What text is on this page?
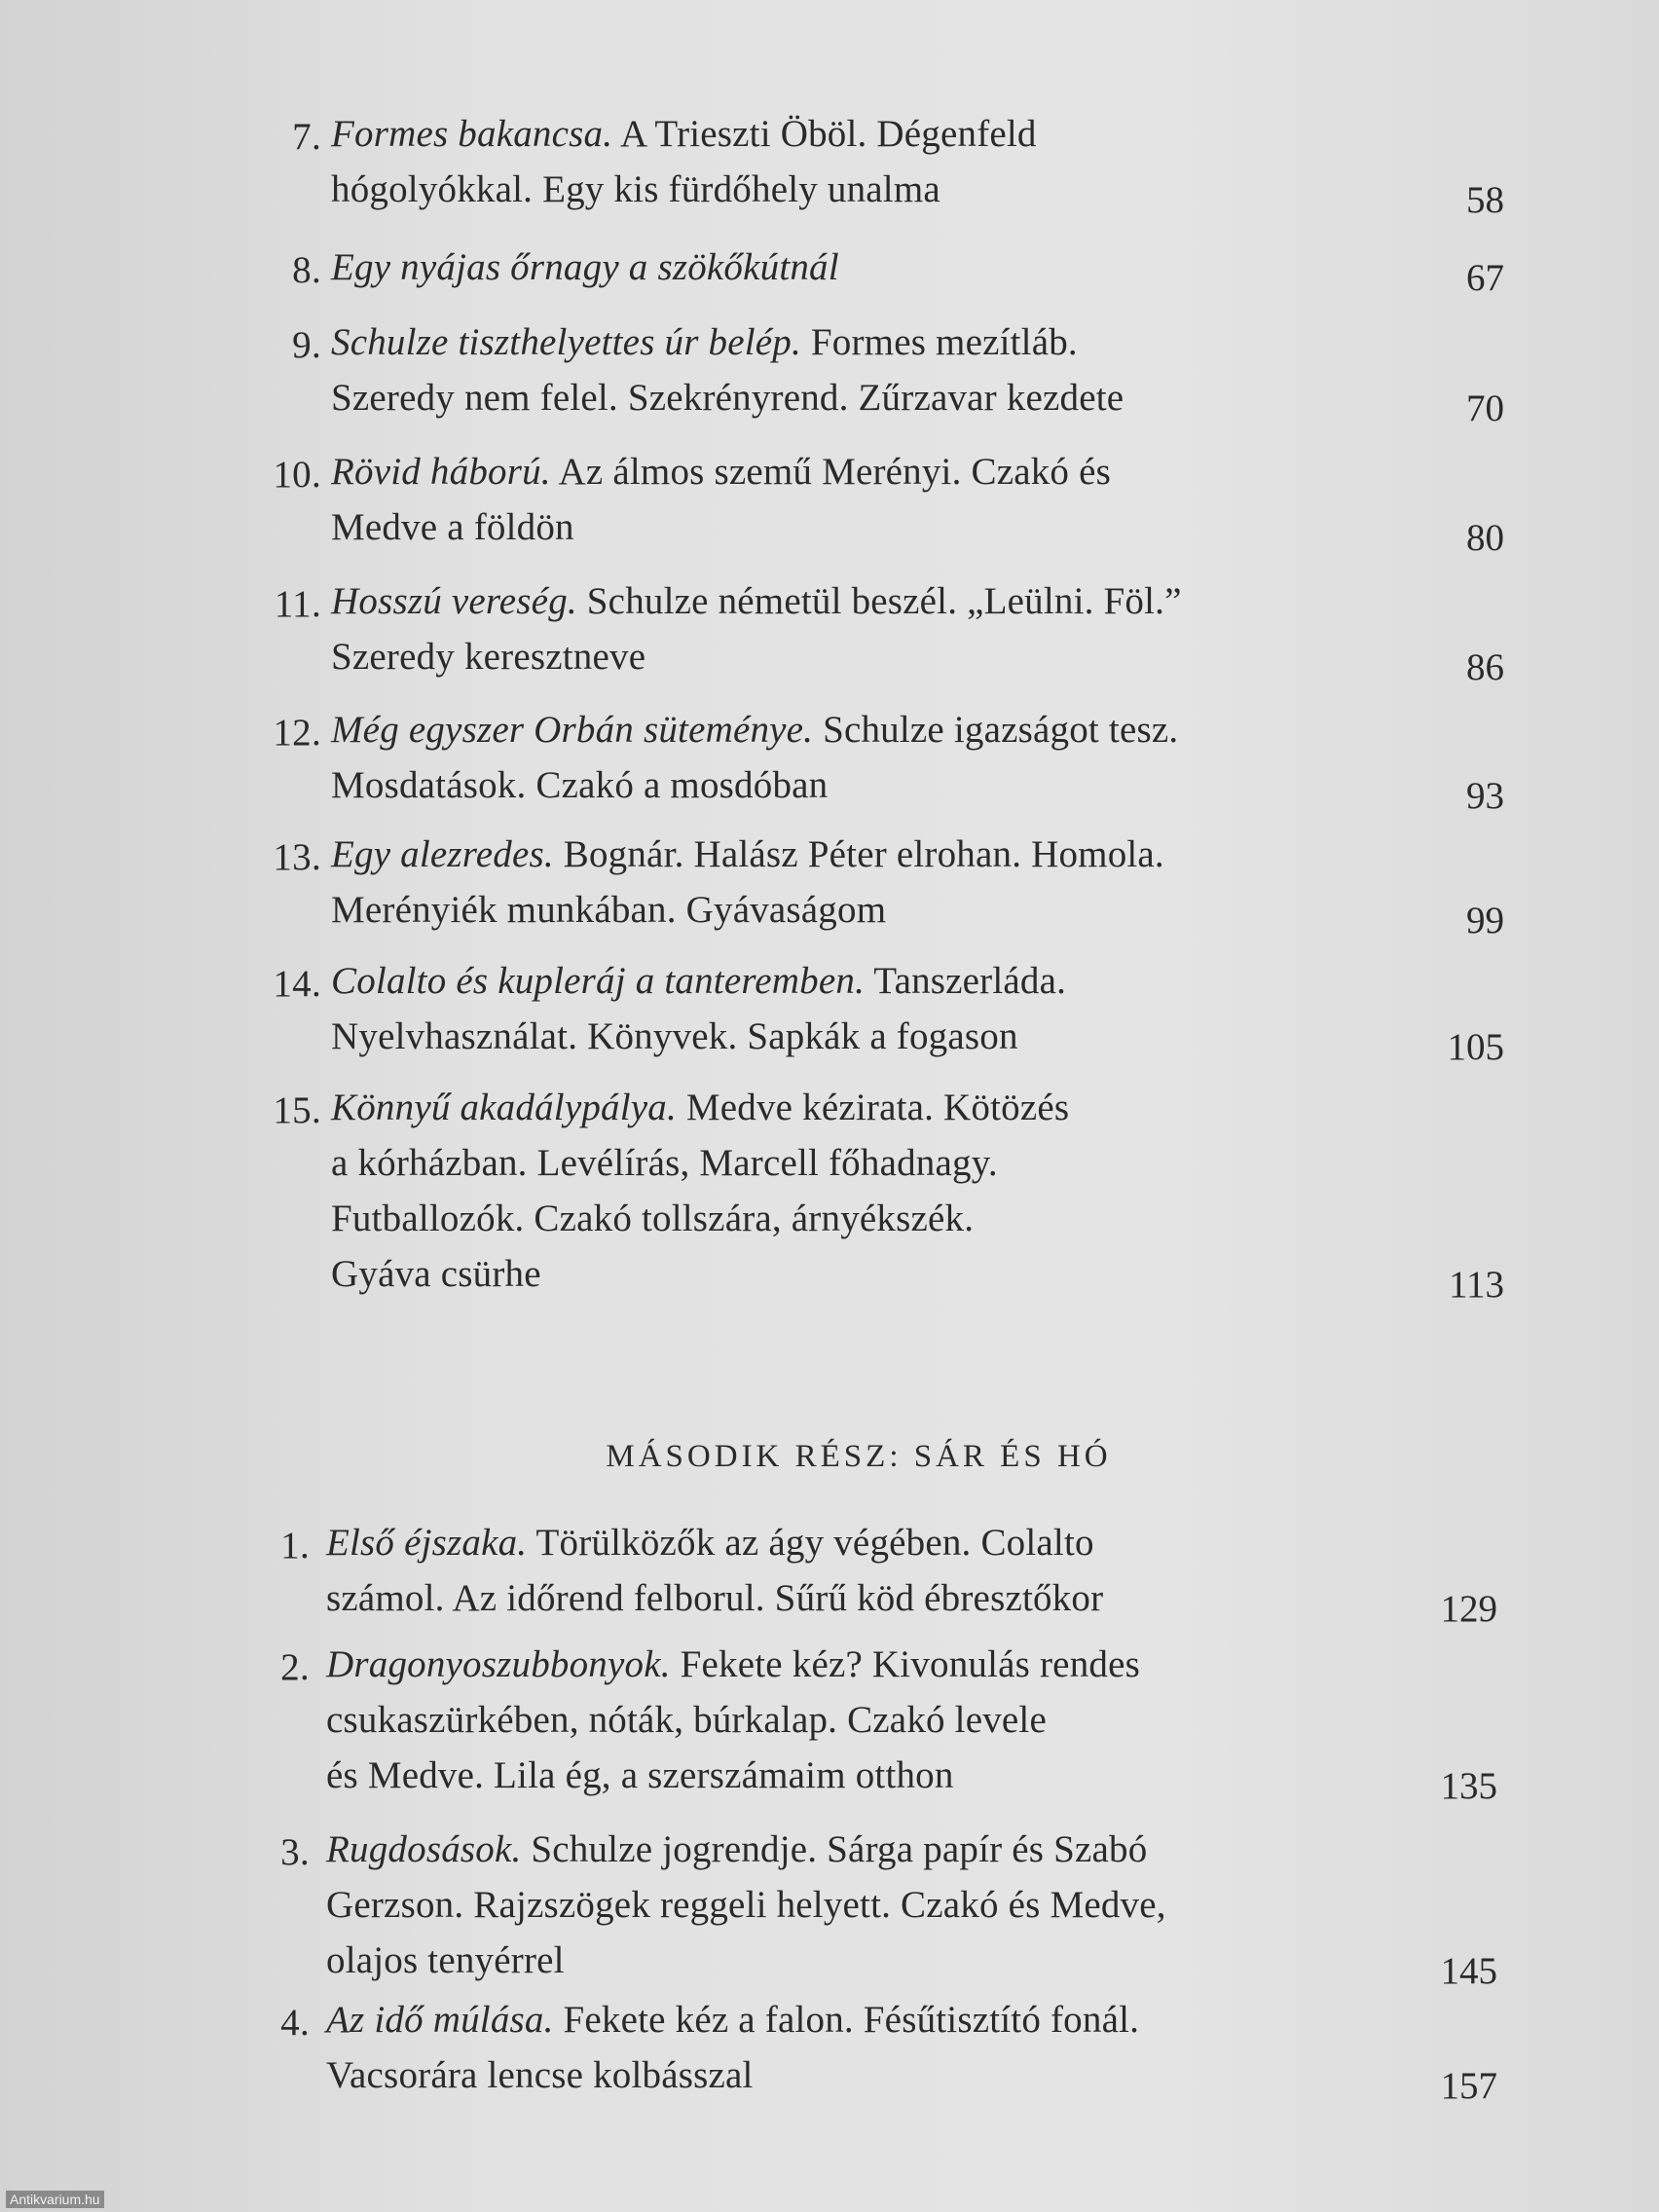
7. Formes bakancsa. A Trieszti Öböl. Dégenfeld
hógolyókkal. Egy kis fürdőhely unalma	58
8. Egy nyájas őrnagy a szökőkútnál	67
9. Schulze tiszthelyettes úr belép. Formes mezítláb.
Szeredy nem felel. Szekrényrend. Zűrzavar kezdete	70
10. Rövid háború. Az álmos szemű Merényi. Czakó és
Medve a földön	80
11. Hosszú vereség. Schulze németül beszél. „Leülni. Föl.”
Szeredy keresztneve	86
12. Még egyszer Orbán süteménye. Schulze igazságot tesz.
Mosdatások. Czakó a mosdóban	93
13. Egy alezredes. Bognár. Halász Péter elrohan. Homola.
Merényiék munkában. Gyávaságom	99
14. Colalto és kupleráj a tanteremben. Tanszerláda.
Nyelvhasználat. Könyvek. Sapkák a fogason	105
15. Könnyű akadálypálya. Medve kézirata. Kötözés
a kórházban. Levélírás, Marcell főhadnagy.
Futballozók. Czakó tollszára, árnyékszék.
Gyáva csürhe	113
MÁSODIK RÉSZ: SÁR ÉS HÓ
1. Első éjszaka. Törülközők az ágy végében. Colalto
számol. Az időrend felborul. Sűrű köd ébresztőkor	129
2. Dragonyoszubbonyok. Fekete kéz? Kivonulás rendes
csukaszürkében, nóták, búrkalap. Czakó levele
és Medve. Lila ég, a szerszámaim otthon	135
3. Rugdosások. Schulze jogrendje. Sárga papír és Szabó
Gerzson. Rajzszögek reggeli helyett. Czakó és Medve,
olajos tenyérrel	145
4. Az idő múlása. Fekete kéz a falon. Fésűtisztító fonál.
Vacsorára lencse kolbásszal	157
Antikvarium.hu
